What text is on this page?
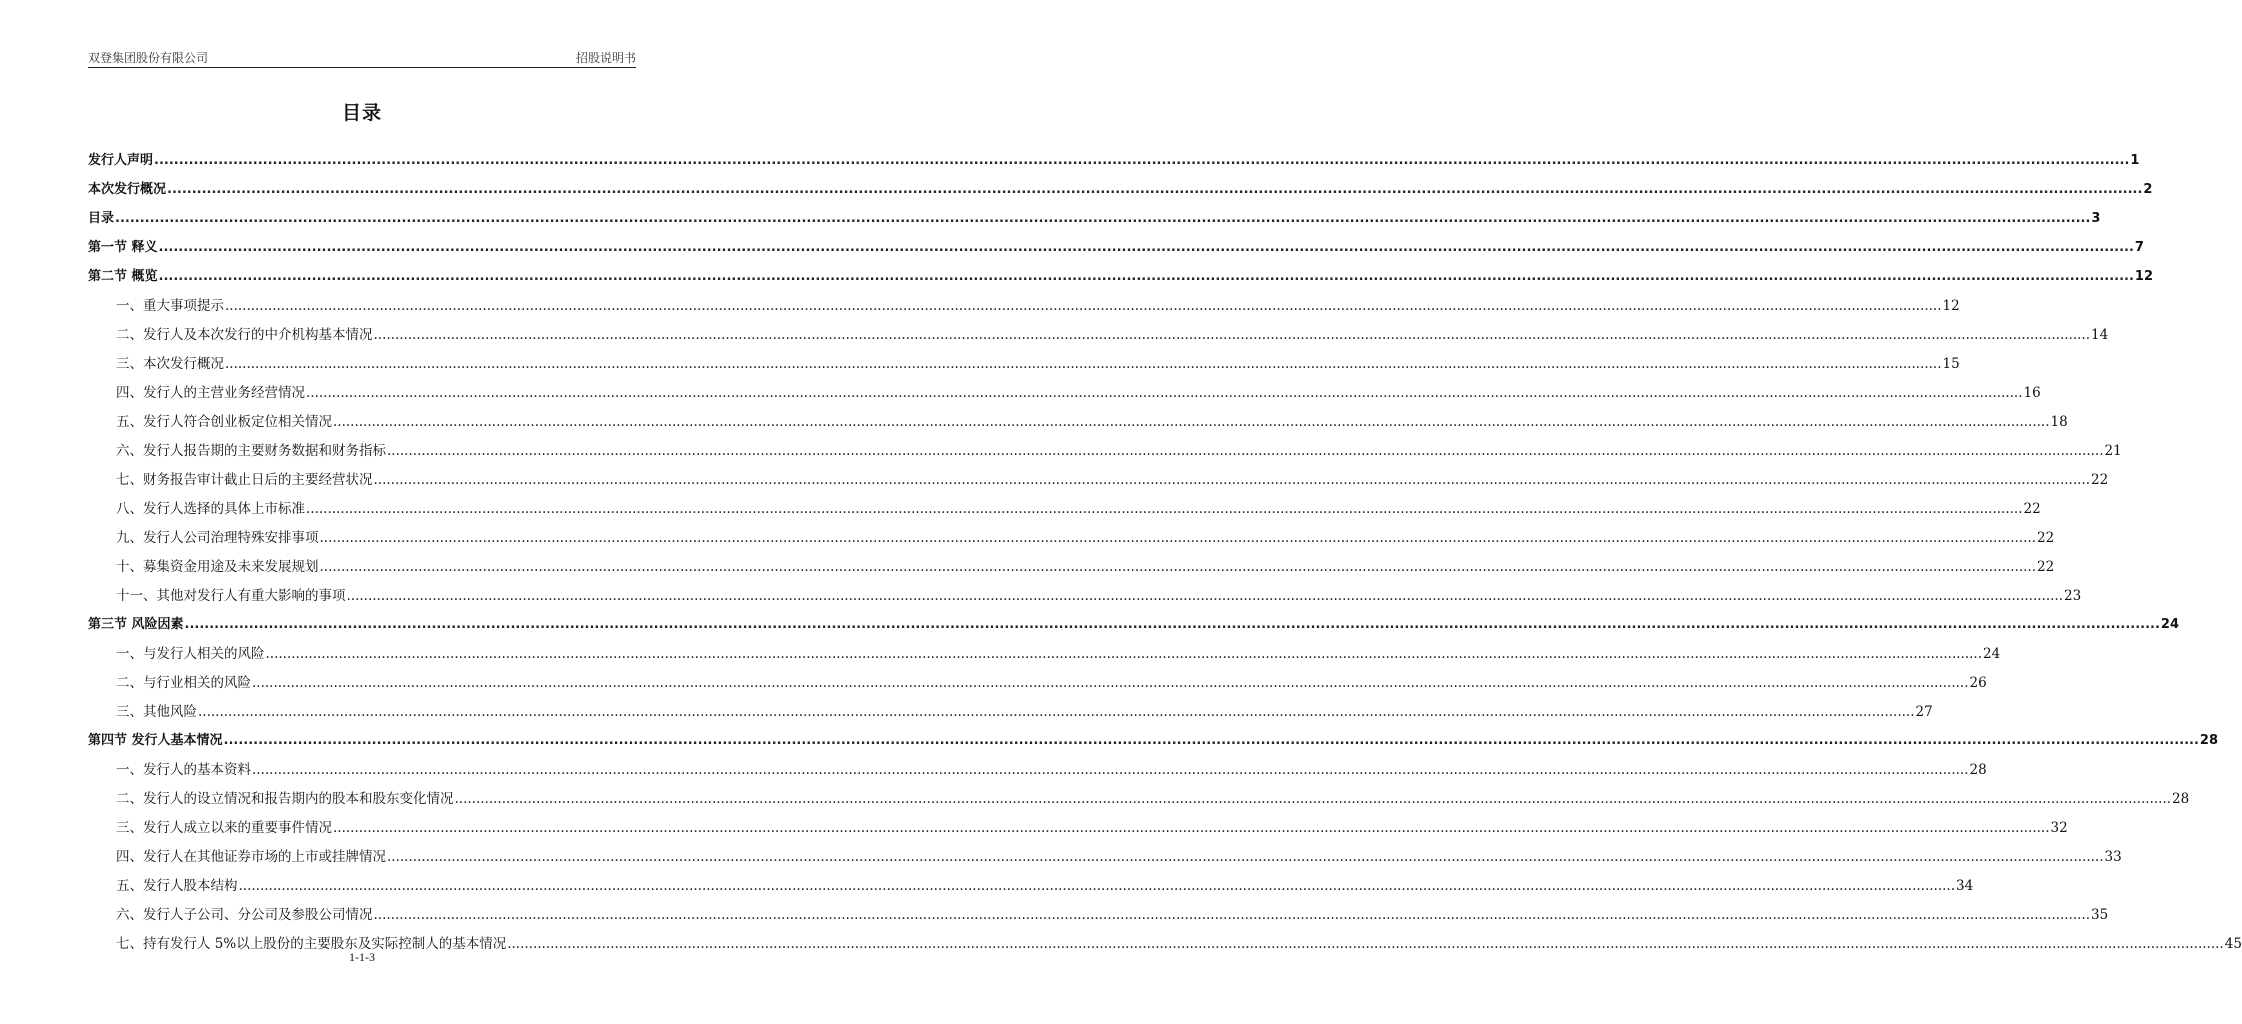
双登集团股份有限公司	招股说明书
目录
发行人声明 ................................................................................................................................................................................................................................................................................................................................................................................................................ 1
本次发行概况 ................................................................................................................................................................................................................................................................................................................................................................................................................ 2
目录 ................................................................................................................................................................................................................................................................................................................................................................................................................ 3
第一节 释义 ................................................................................................................................................................................................................................................................................................................................................................................................................ 7
第二节 概览 ................................................................................................................................................................................................................................................................................................................................................................................................................ 12
一、重大事项提示 ................................................................................................................................................................................................................................................................................................................................................................................................................ 12
二、发行人及本次发行的中介机构基本情况 ................................................................................................................................................................................................................................................................................................................................................................................................................ 14
三、本次发行概况 ................................................................................................................................................................................................................................................................................................................................................................................................................ 15
四、发行人的主营业务经营情况 ................................................................................................................................................................................................................................................................................................................................................................................................................ 16
五、发行人符合创业板定位相关情况 ................................................................................................................................................................................................................................................................................................................................................................................................................ 18
六、发行人报告期的主要财务数据和财务指标 ................................................................................................................................................................................................................................................................................................................................................................................................................ 21
七、财务报告审计截止日后的主要经营状况 ................................................................................................................................................................................................................................................................................................................................................................................................................ 22
八、发行人选择的具体上市标准 ................................................................................................................................................................................................................................................................................................................................................................................................................ 22
九、发行人公司治理特殊安排事项 ................................................................................................................................................................................................................................................................................................................................................................................................................ 22
十、募集资金用途及未来发展规划 ................................................................................................................................................................................................................................................................................................................................................................................................................ 22
十一、其他对发行人有重大影响的事项 ................................................................................................................................................................................................................................................................................................................................................................................................................ 23
第三节 风险因素 ................................................................................................................................................................................................................................................................................................................................................................................................................ 24
一、与发行人相关的风险 ................................................................................................................................................................................................................................................................................................................................................................................................................ 24
二、与行业相关的风险 ................................................................................................................................................................................................................................................................................................................................................................................................................ 26
三、其他风险 ................................................................................................................................................................................................................................................................................................................................................................................................................ 27
第四节 发行人基本情况 ................................................................................................................................................................................................................................................................................................................................................................................................................ 28
一、发行人的基本资料 ................................................................................................................................................................................................................................................................................................................................................................................................................ 28
二、发行人的设立情况和报告期内的股本和股东变化情况 ................................................................................................................................................................................................................................................................................................................................................................................................................ 28
三、发行人成立以来的重要事件情况 ................................................................................................................................................................................................................................................................................................................................................................................................................ 32
四、发行人在其他证券市场的上市或挂牌情况 ................................................................................................................................................................................................................................................................................................................................................................................................................ 33
五、发行人股本结构 ................................................................................................................................................................................................................................................................................................................................................................................................................ 34
六、发行人子公司、分公司及参股公司情况 ................................................................................................................................................................................................................................................................................................................................................................................................................ 35
七、持有发行人 5%以上股份的主要股东及实际控制人的基本情况 ................................................................................................................................................................................................................................................................................................................................................................................................................ 45
1-1-3
